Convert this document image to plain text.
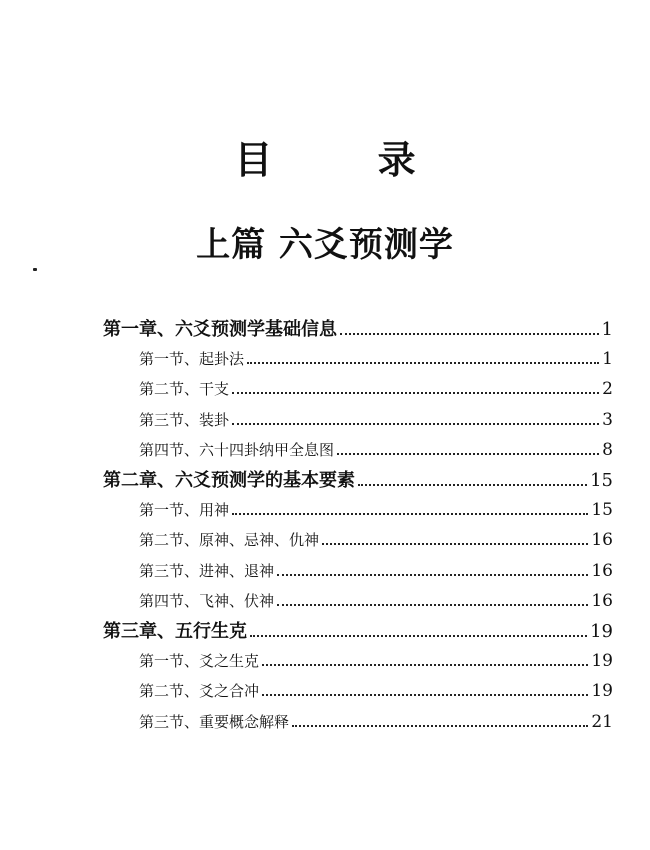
目 录
上篇 六爻预测学
第一章、六爻预测学基础信息	1
第一节、起卦法	1
第二节、干支	2
第三节、装卦	3
第四节、六十四卦纳甲全息图	8
第二章、六爻预测学的基本要素	15
第一节、用神	15
第二节、原神、忌神、仇神	16
第三节、进神、退神	16
第四节、飞神、伏神	16
第三章、五行生克	19
第一节、爻之生克	19
第二节、爻之合冲	19
第三节、重要概念解释	21
